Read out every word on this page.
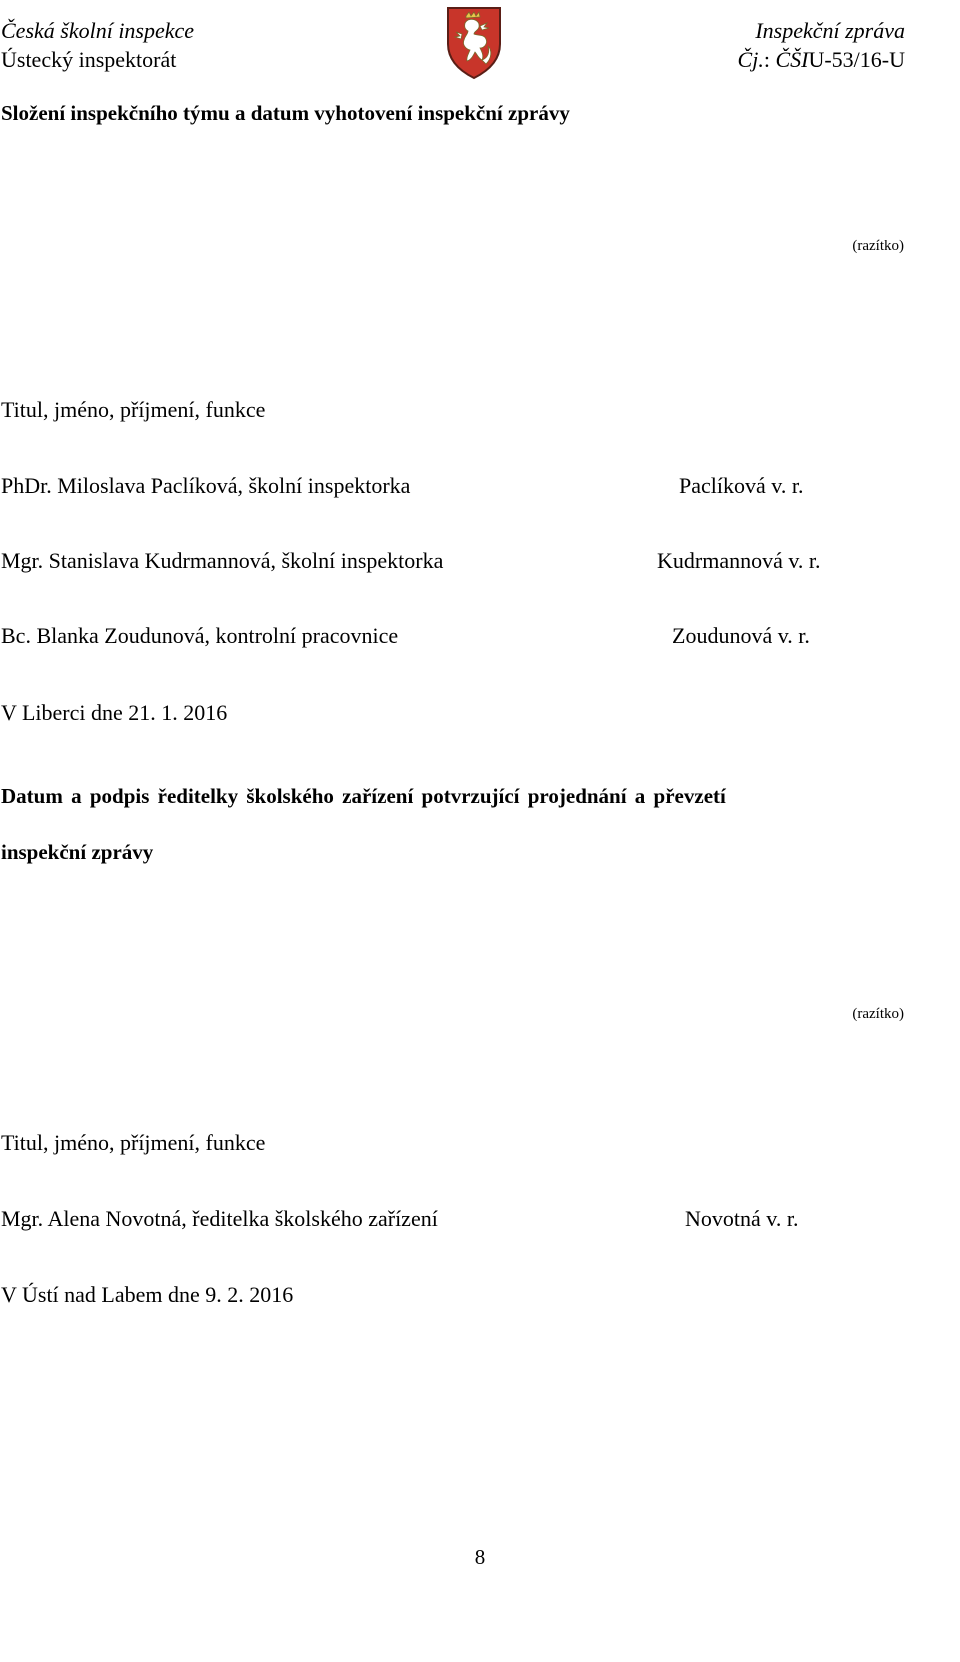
Česká školní inspekce
Ústecký inspektorát
Inspekční zpráva
Čj.: ČŠIU-53/16-U
Složení inspekčního týmu a datum vyhotovení inspekční zprávy
(razítko)
Titul, jméno, příjmení, funkce
PhDr. Miloslava Paclíková, školní inspektorka	Paclíková v. r.
Mgr. Stanislava Kudrmannová, školní inspektorka	Kudrmannová v. r.
Bc. Blanka Zoudunová, kontrolní pracovnice	Zoudunová v. r.
V Liberci dne 21. 1. 2016
Datum a podpis ředitelky školského zařízení potvrzující projednání a převzetí
inspekční zprávy
(razítko)
Titul, jméno, příjmení, funkce
Mgr. Alena Novotná, ředitelka školského zařízení	Novotná v. r.
V Ústí nad Labem dne 9. 2. 2016
8
